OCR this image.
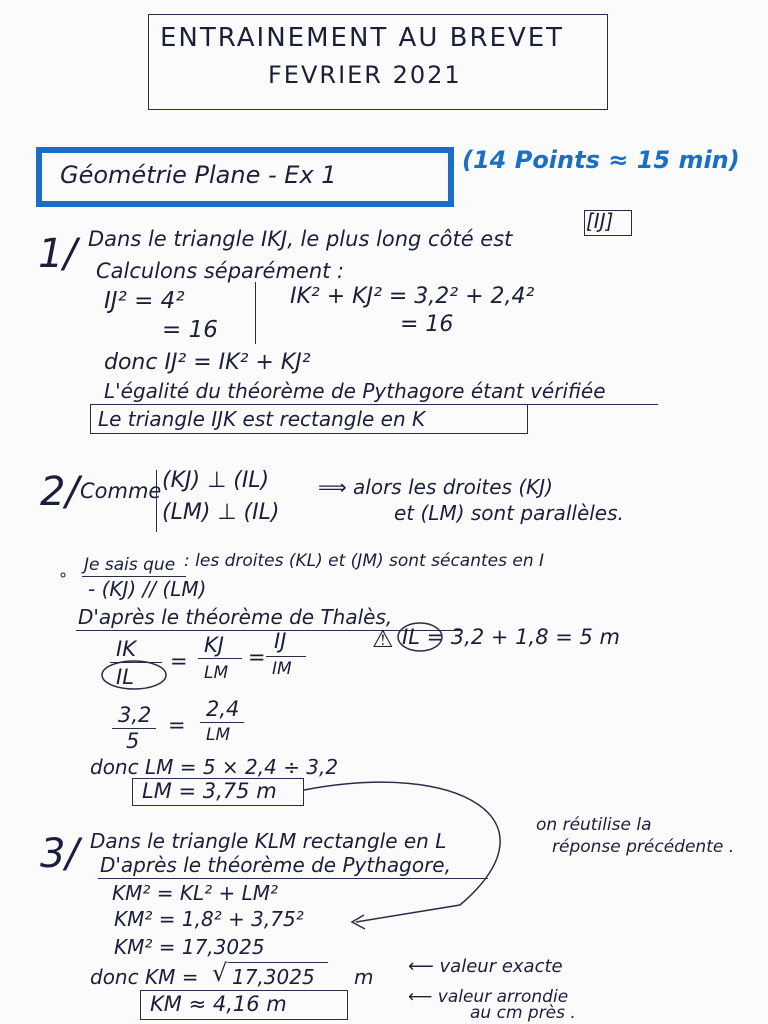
ENTRAINEMENT AU BREVET
FEVRIER 2021
Géométrie Plane - Ex 1
(14 Points ≈ 15 min)
1/ Dans le triangle IKJ, le plus long côté est
[IJ]
Calculons séparément :
IJ² = 4²
= 16
IK² + KJ² = 3,2² + 2,4²
= 16
donc IJ² = IK² + KJ²
L'égalité du théorème de Pythagore étant vérifiée
Le triangle IJK est rectangle en K
2/ Comme (KJ) ⊥ (IL)
(LM) ⊥ (IL)
⟹ alors les droites (KJ)
et (LM) sont parallèles.
∘ Je sais que : les droites (KL) et (JM) sont sécantes en I
- (KJ) // (LM)
D'après le théorème de Thalès,
IK
IL
=
KJ
LM
=
IJ
IM
⚠ IL = 3,2 + 1,8 = 5 m
3,2
5
=
2,4
LM
donc LM = 5 × 2,4 ÷ 3,2
LM = 3,75 m
3/ Dans le triangle KLM rectangle en L
D'après le théorème de Pythagore,
KM² = KL² + LM²
KM² = 1,8² + 3,75²
KM² = 17,3025
donc KM = √ 17,3025 m
KM ≈ 4,16 m
on réutilise la
réponse précédente .
⟵ valeur exacte
⟵ valeur arrondie
au cm près .
